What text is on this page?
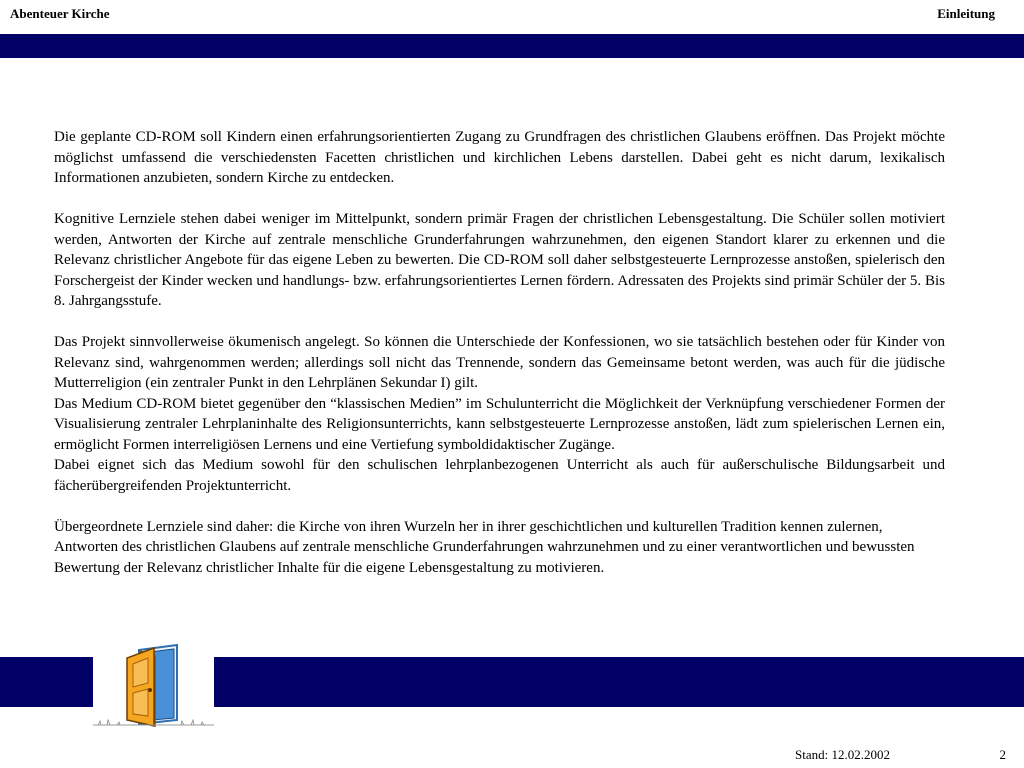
Abenteuer Kirche	Einleitung

Die geplante CD-ROM soll Kindern einen erfahrungsorientierten Zugang zu Grundfragen des christlichen Glaubens eröffnen. Das Projekt möchte möglichst umfassend die verschiedensten Facetten christlichen und kirchlichen Lebens darstellen. Dabei geht es nicht darum, lexikalisch Informationen anzubieten, sondern Kirche zu entdecken.

Kognitive Lernziele stehen dabei weniger im Mittelpunkt, sondern primär Fragen der christlichen Lebensgestaltung. Die Schüler sollen motiviert werden, Antworten der Kirche auf zentrale menschliche Grunderfahrungen wahrzunehmen, den eigenen Standort klarer zu erkennen und die Relevanz christlicher Angebote für das eigene Leben zu bewerten. Die CD-ROM soll daher selbstgesteuerte Lernprozesse anstoßen, spielerisch den Forschergeist der Kinder wecken und handlungs- bzw. erfahrungsorientiertes Lernen fördern. Adressaten des Projekts sind primär Schüler der 5. Bis 8. Jahrgangsstufe.

Das Projekt sinnvollerweise ökumenisch angelegt. So können die Unterschiede der Konfessionen, wo sie tatsächlich bestehen oder für Kinder von Relevanz sind, wahrgenommen werden; allerdings soll nicht das Trennende, sondern das Gemeinsame betont werden, was auch für die jüdische Mutterreligion (ein zentraler Punkt in den Lehrplänen Sekundar I) gilt.

Das Medium CD-ROM bietet gegenüber den “klassischen Medien” im Schulunterricht die Möglichkeit der Verknüpfung verschiedener Formen der Visualisierung zentraler Lehrplaninhalte des Religionsunterrichts, kann selbstgesteuerte Lernprozesse anstoßen, lädt zum spielerischen Lernen ein, ermöglicht Formen interreligiösen Lernens und eine Vertiefung symboldidaktischer Zugänge.

Dabei eignet sich das Medium sowohl für den schulischen lehrplanbezogenen Unterricht als auch für außerschulische Bildungsarbeit und fächerübergreifenden Projektunterricht.

Übergeordnete Lernziele sind daher: die Kirche von ihren Wurzeln her in ihrer geschichtlichen und kulturellen Tradition kennen zulernen, Antworten des christlichen Glaubens auf zentrale menschliche Grunderfahrungen wahrzunehmen und zu einer verantwortlichen und bewussten Bewertung der Relevanz christlicher Inhalte für die eigene Lebensgestaltung zu motivieren.

Stand: 12.02.2002	2
